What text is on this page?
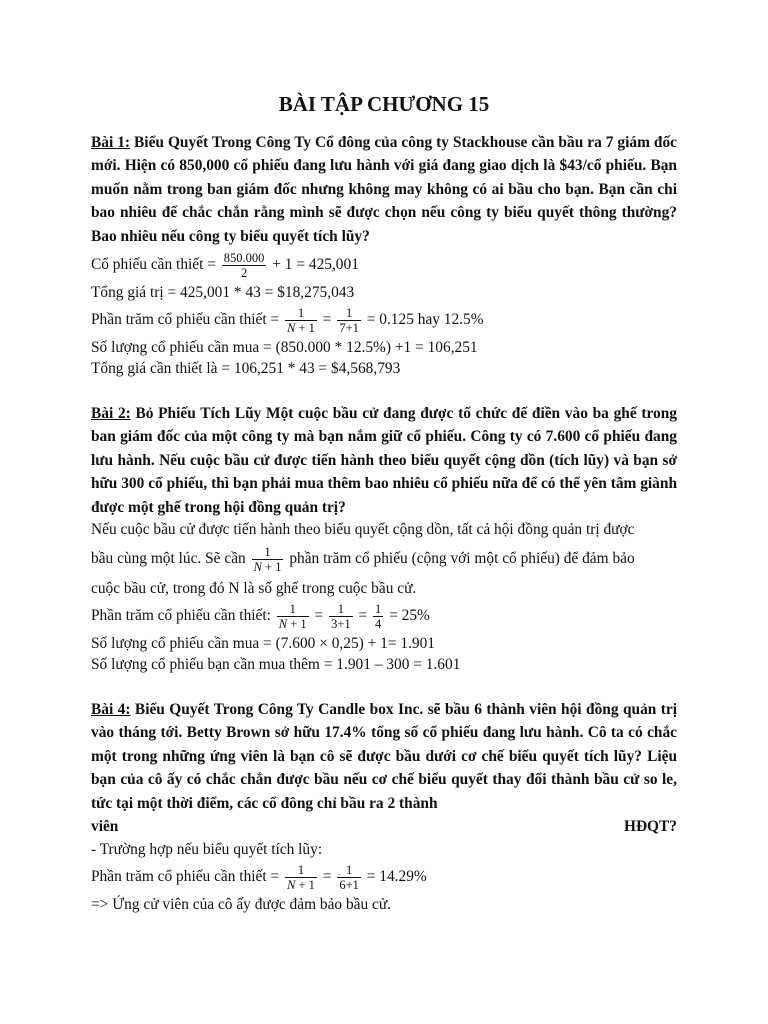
BÀI TẬP CHƯƠNG 15

Bài 1: Biểu Quyết Trong Công Ty Cổ đông của công ty Stackhouse cần bầu ra 7 giám đốc mới. Hiện có 850,000 cổ phiếu đang lưu hành với giá đang giao dịch là $43/cổ phiếu. Bạn muốn nằm trong ban giám đốc nhưng không may không có ai bầu cho bạn. Bạn cần chi bao nhiêu để chắc chắn rằng mình sẽ được chọn nếu công ty biểu quyết thông thường? Bao nhiêu nếu công ty biểu quyết tích lũy?

Cổ phiếu cần thiết = $\frac{850.000}{2} + 1 = 425,001$

Tổng giá trị = 425,001 * 43 = $18,275,043

Phần trăm cổ phiếu cần thiết = $\frac{1}{N + 1} = \frac{1}{7+1} = 0.125$ hay 12.5%

Số lượng cổ phiếu cần mua = (850.000 * 12.5%) +1 = 106,251

Tổng giá cần thiết là = 106,251 * 43 = $4,568,793

Bài 2: Bỏ Phiếu Tích Lũy Một cuộc bầu cử đang được tổ chức để điền vào ba ghế trong ban giám đốc của một công ty mà bạn nắm giữ cổ phiếu. Công ty có 7.600 cổ phiếu đang lưu hành. Nếu cuộc bầu cử được tiến hành theo biểu quyết cộng dồn (tích lũy) và bạn sở hữu 300 cổ phiếu, thì bạn phải mua thêm bao nhiêu cổ phiếu nữa để có thể yên tâm giành được một ghế trong hội đồng quản trị?

Nếu cuộc bầu cử được tiến hành theo biểu quyết cộng dồn, tất cả hội đồng quản trị được

bầu cùng một lúc. Sẽ cần $\frac{1}{N + 1}$ phần trăm cổ phiếu (cộng với một cổ phiếu) để đảm bảo

cuộc bầu cử, trong đó N là số ghế trong cuộc bầu cử.

Phần trăm cổ phiếu cần thiết: $\frac{1}{N + 1} = \frac{1}{3+1} = \frac{1}{4} = 25\%$

Số lượng cổ phiếu cần mua = (7.600 × 0,25) + 1= 1.901

Số lượng cổ phiếu bạn cần mua thêm = 1.901 – 300 = 1.601

Bài 4: Biểu Quyết Trong Công Ty Candle box Inc. sẽ bầu 6 thành viên hội đồng quản trị vào tháng tới. Betty Brown sở hữu 17.4% tổng số cổ phiếu đang lưu hành. Cô ta có chắc một trong những ứng viên là bạn cô sẽ được bầu dưới cơ chế biểu quyết tích lũy? Liệu bạn của cô ấy có chắc chắn được bầu nếu cơ chế biểu quyết thay đổi thành bầu cử so le, tức tại một thời điểm, các cổ đông chỉ bầu ra 2 thành
viên HĐQT?

- Trường hợp nếu biểu quyết tích lũy:

Phần trăm cổ phiếu cần thiết = $\frac{1}{N + 1} = \frac{1}{6+1} = 14.29\%$

=> Ứng cử viên của cô ấy được đảm bảo bầu cử.
